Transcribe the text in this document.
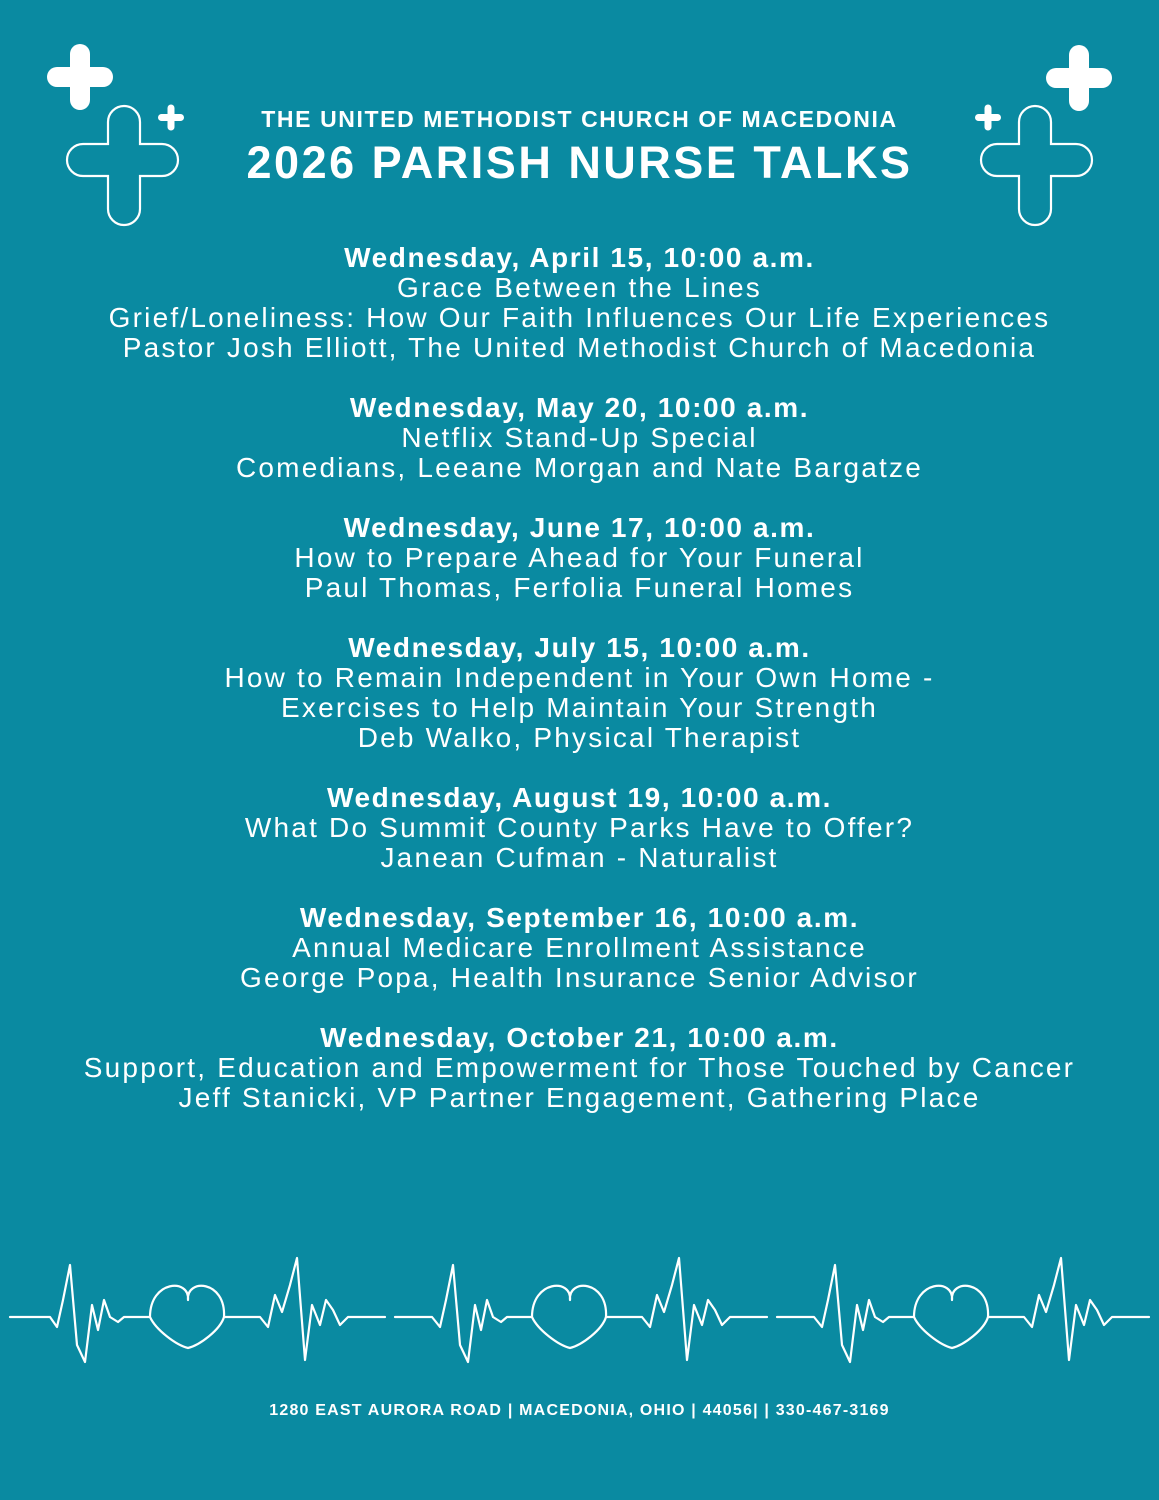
THE UNITED METHODIST CHURCH OF MACEDONIA
2026 PARISH NURSE TALKS
Wednesday, April 15, 10:00 a.m.
Grace Between the Lines
Grief/Loneliness: How Our Faith Influences Our Life Experiences
Pastor Josh Elliott, The United Methodist Church of Macedonia
Wednesday, May 20, 10:00 a.m.
Netflix Stand-Up Special
Comedians, Leeane Morgan and Nate Bargatze
Wednesday, June 17, 10:00 a.m.
How to Prepare Ahead for Your Funeral
Paul Thomas, Ferfolia Funeral Homes
Wednesday, July 15, 10:00 a.m.
How to Remain Independent in Your Own Home -
Exercises to Help Maintain Your Strength
Deb Walko, Physical Therapist
Wednesday, August 19, 10:00 a.m.
What Do Summit County Parks Have to Offer?
Janean Cufman - Naturalist
Wednesday, September 16, 10:00 a.m.
Annual Medicare Enrollment Assistance
George Popa, Health Insurance Senior Advisor
Wednesday, October 21, 10:00 a.m.
Support, Education and Empowerment for Those Touched by Cancer
Jeff Stanicki, VP Partner Engagement, Gathering Place
1280 EAST AURORA ROAD | MACEDONIA, OHIO | 44056| | 330-467-3169
